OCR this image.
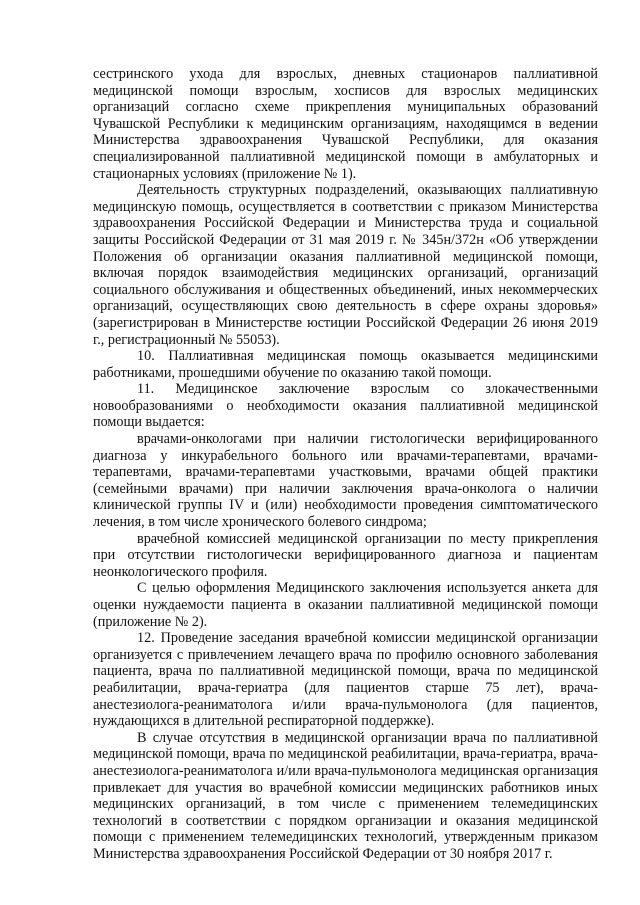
сестринского ухода для взрослых, дневных стационаров паллиативной медицинской помощи взрослым, хосписов для взрослых медицинских организаций согласно схеме прикрепления муниципальных образований Чувашской Республики к медицинским организациям, находящимся в ведении Министерства здравоохранения Чувашской Республики, для оказания специализированной паллиативной медицинской помощи в амбулаторных и стационарных условиях (приложение № 1).

Деятельность структурных подразделений, оказывающих паллиативную медицинскую помощь, осуществляется в соответствии с приказом Министерства здравоохранения Российской Федерации и Министерства труда и социальной защиты Российской Федерации от 31 мая 2019 г. № 345н/372н «Об утверждении Положения об организации оказания паллиативной медицинской помощи, включая порядок взаимодействия медицинских организаций, организаций социального обслуживания и общественных объединений, иных некоммерческих организаций, осуществляющих свою деятельность в сфере охраны здоровья» (зарегистрирован в Министерстве юстиции Российской Федерации 26 июня 2019 г., регистрационный № 55053).

10. Паллиативная медицинская помощь оказывается медицинскими работниками, прошедшими обучение по оказанию такой помощи.

11. Медицинское заключение взрослым со злокачественными новообразованиями о необходимости оказания паллиативной медицинской помощи выдается:

врачами-онкологами при наличии гистологически верифицированного диагноза у инкурабельного больного или врачами-терапевтами, врачами-терапевтами, врачами-терапевтами участковыми, врачами общей практики (семейными врачами) при наличии заключения врача-онколога о наличии клинической группы IV и (или) необходимости проведения симптоматического лечения, в том числе хронического болевого синдрома;

врачебной комиссией медицинской организации по месту прикрепления при отсутствии гистологически верифицированного диагноза и пациентам неонкологического профиля.

С целью оформления Медицинского заключения используется анкета для оценки нуждаемости пациента в оказании паллиативной медицинской помощи (приложение № 2).

12. Проведение заседания врачебной комиссии медицинской организации организуется с привлечением лечащего врача по профилю основного заболевания пациента, врача по паллиативной медицинской помощи, врача по медицинской реабилитации, врача-гериатра (для пациентов старше 75 лет), врача-анестезиолога-реаниматолога и/или врача-пульмонолога (для пациентов, нуждающихся в длительной респираторной поддержке).

В случае отсутствия в медицинской организации врача по паллиативной медицинской помощи, врача по медицинской реабилитации, врача-гериатра, врача-анестезиолога-реаниматолога и/или врача-пульмонолога медицинская организация привлекает для участия во врачебной комиссии медицинских работников иных медицинских организаций, в том числе с применением телемедицинских технологий в соответствии с порядком организации и оказания медицинской помощи с применением телемедицинских технологий, утвержденным приказом Министерства здравоохранения Российской Федерации от 30 ноября 2017 г.
